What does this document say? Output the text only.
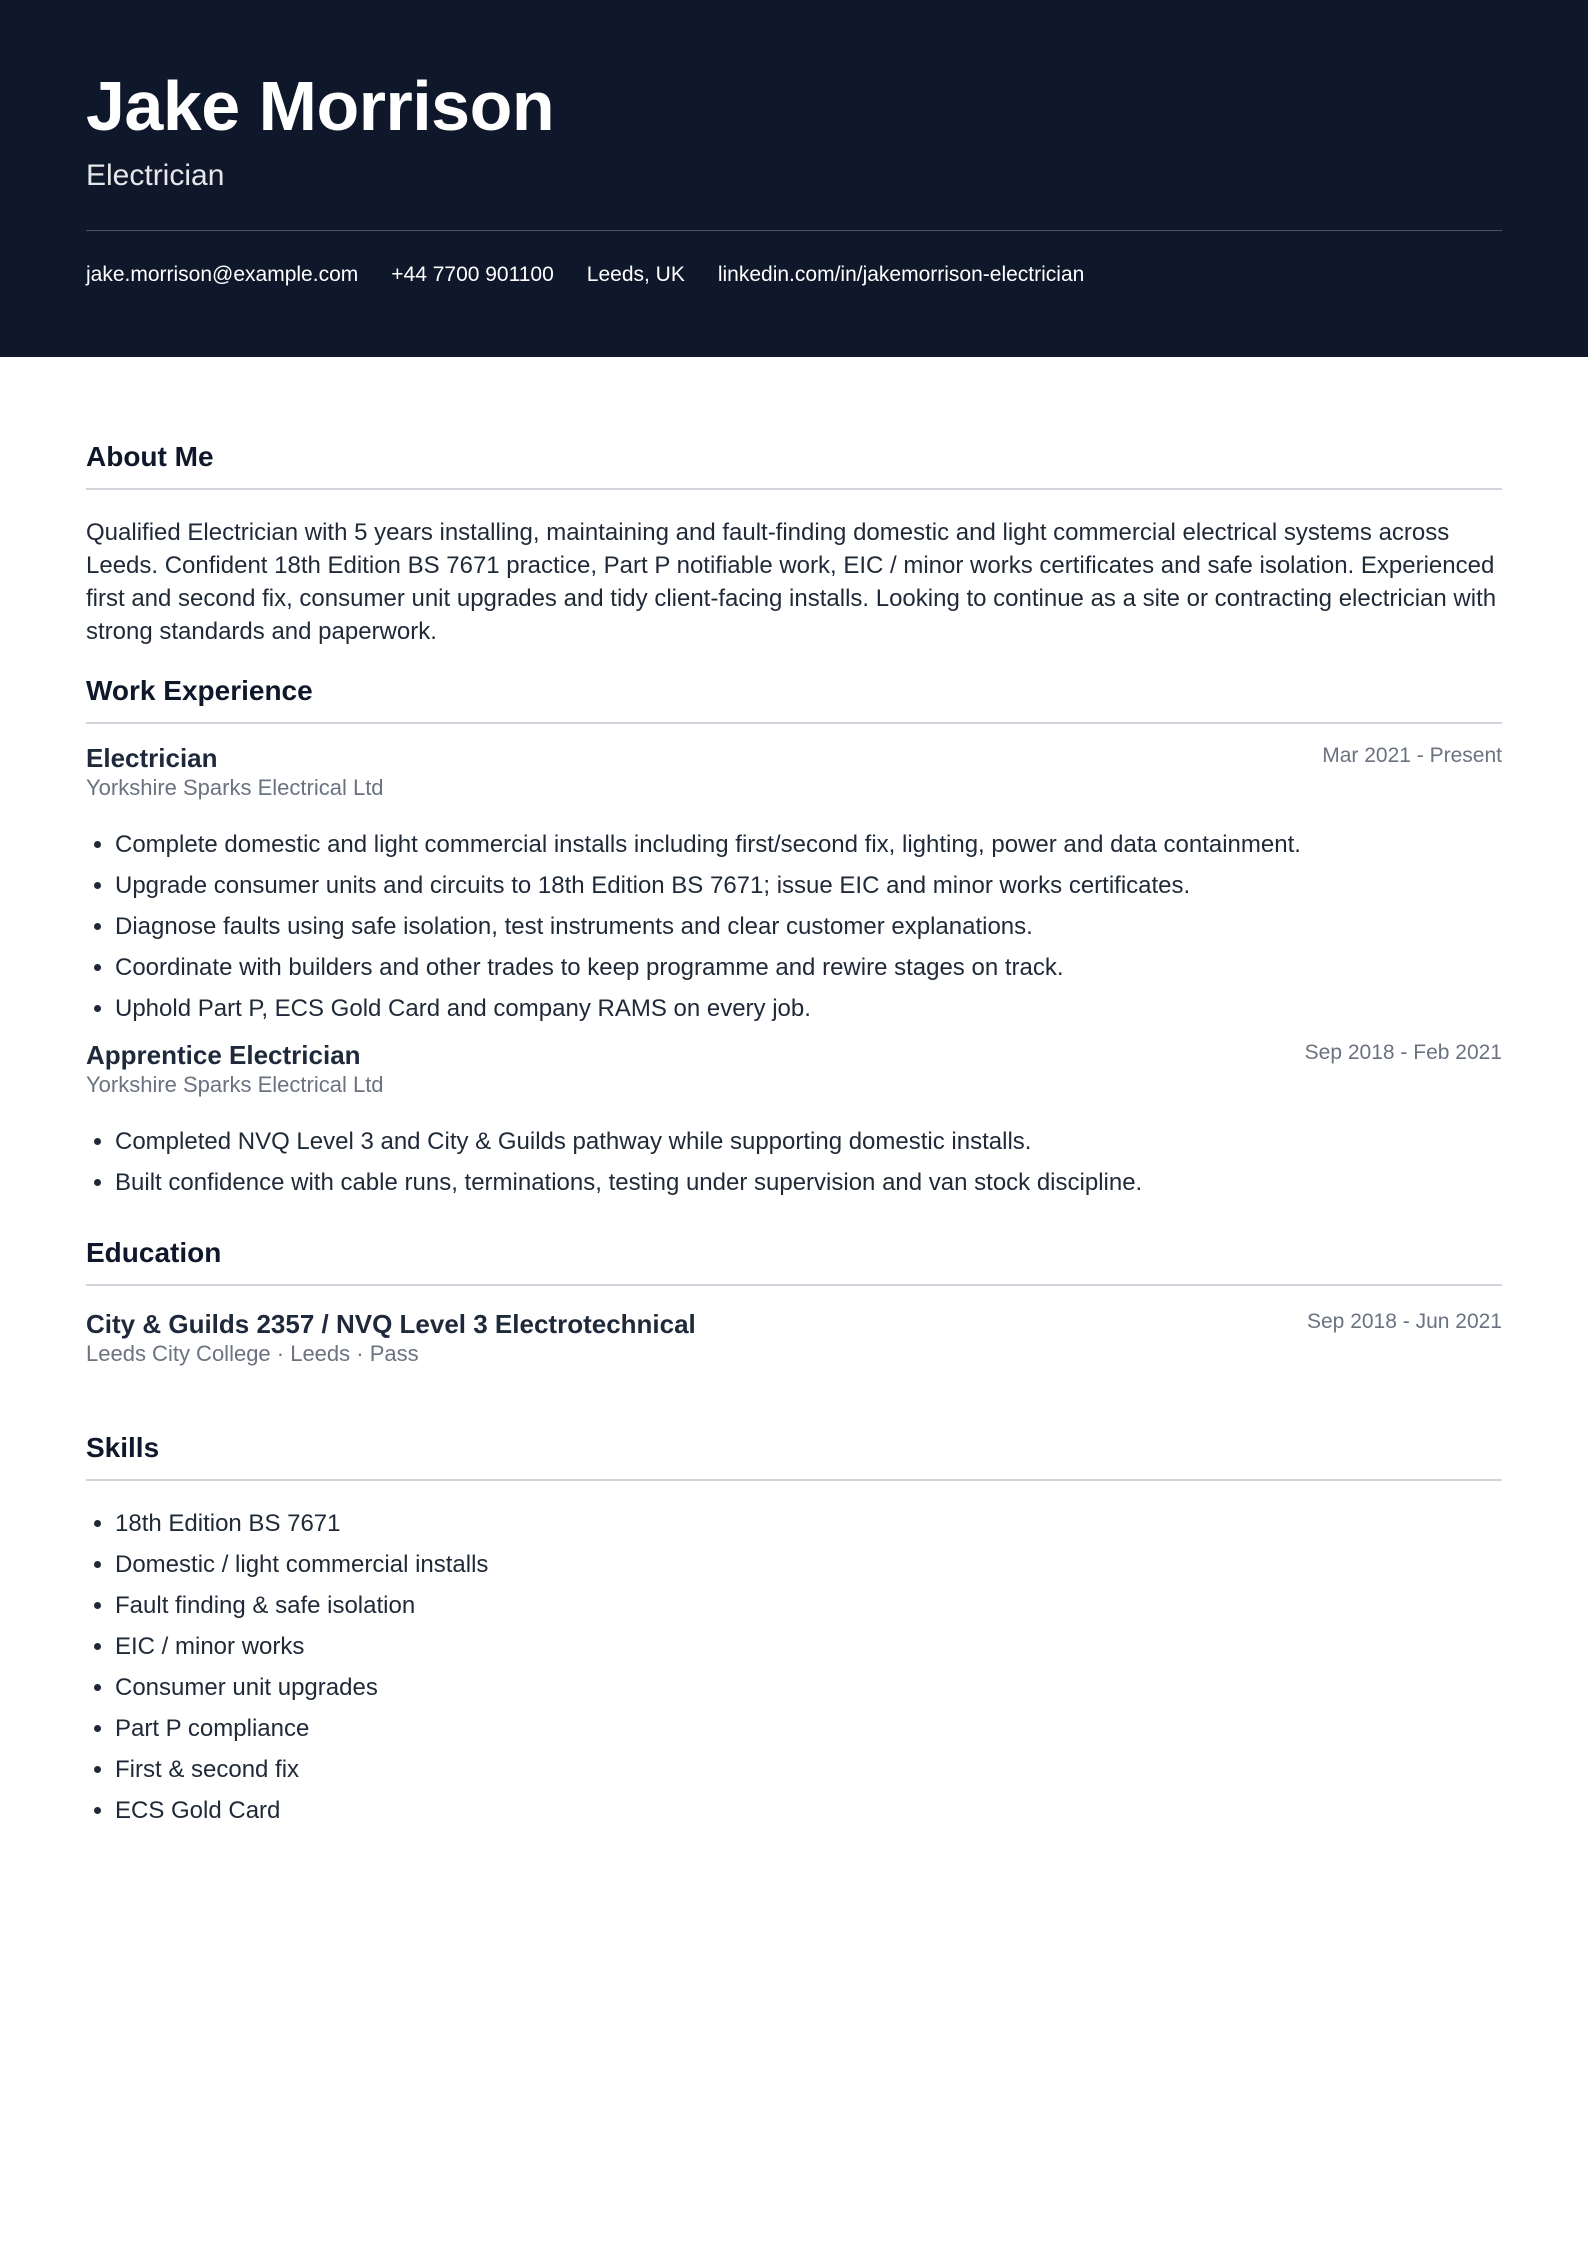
Jake Morrison
Electrician
jake.morrison@example.com +44 7700 901100 Leeds, UK linkedin.com/in/jakemorrison-electrician
About Me
Qualified Electrician with 5 years installing, maintaining and fault-finding domestic and light commercial electrical systems across Leeds. Confident 18th Edition BS 7671 practice, Part P notifiable work, EIC / minor works certificates and safe isolation. Experienced first and second fix, consumer unit upgrades and tidy client-facing installs. Looking to continue as a site or contracting electrician with strong standards and paperwork.
Work Experience
Electrician	Mar 2021 - Present
Yorkshire Sparks Electrical Ltd
• Complete domestic and light commercial installs including first/second fix, lighting, power and data containment.
• Upgrade consumer units and circuits to 18th Edition BS 7671; issue EIC and minor works certificates.
• Diagnose faults using safe isolation, test instruments and clear customer explanations.
• Coordinate with builders and other trades to keep programme and rewire stages on track.
• Uphold Part P, ECS Gold Card and company RAMS on every job.
Apprentice Electrician	Sep 2018 - Feb 2021
Yorkshire Sparks Electrical Ltd
• Completed NVQ Level 3 and City & Guilds pathway while supporting domestic installs.
• Built confidence with cable runs, terminations, testing under supervision and van stock discipline.
Education
City & Guilds 2357 / NVQ Level 3 Electrotechnical	Sep 2018 - Jun 2021
Leeds City College · Leeds · Pass
Skills
• 18th Edition BS 7671
• Domestic / light commercial installs
• Fault finding & safe isolation
• EIC / minor works
• Consumer unit upgrades
• Part P compliance
• First & second fix
• ECS Gold Card
